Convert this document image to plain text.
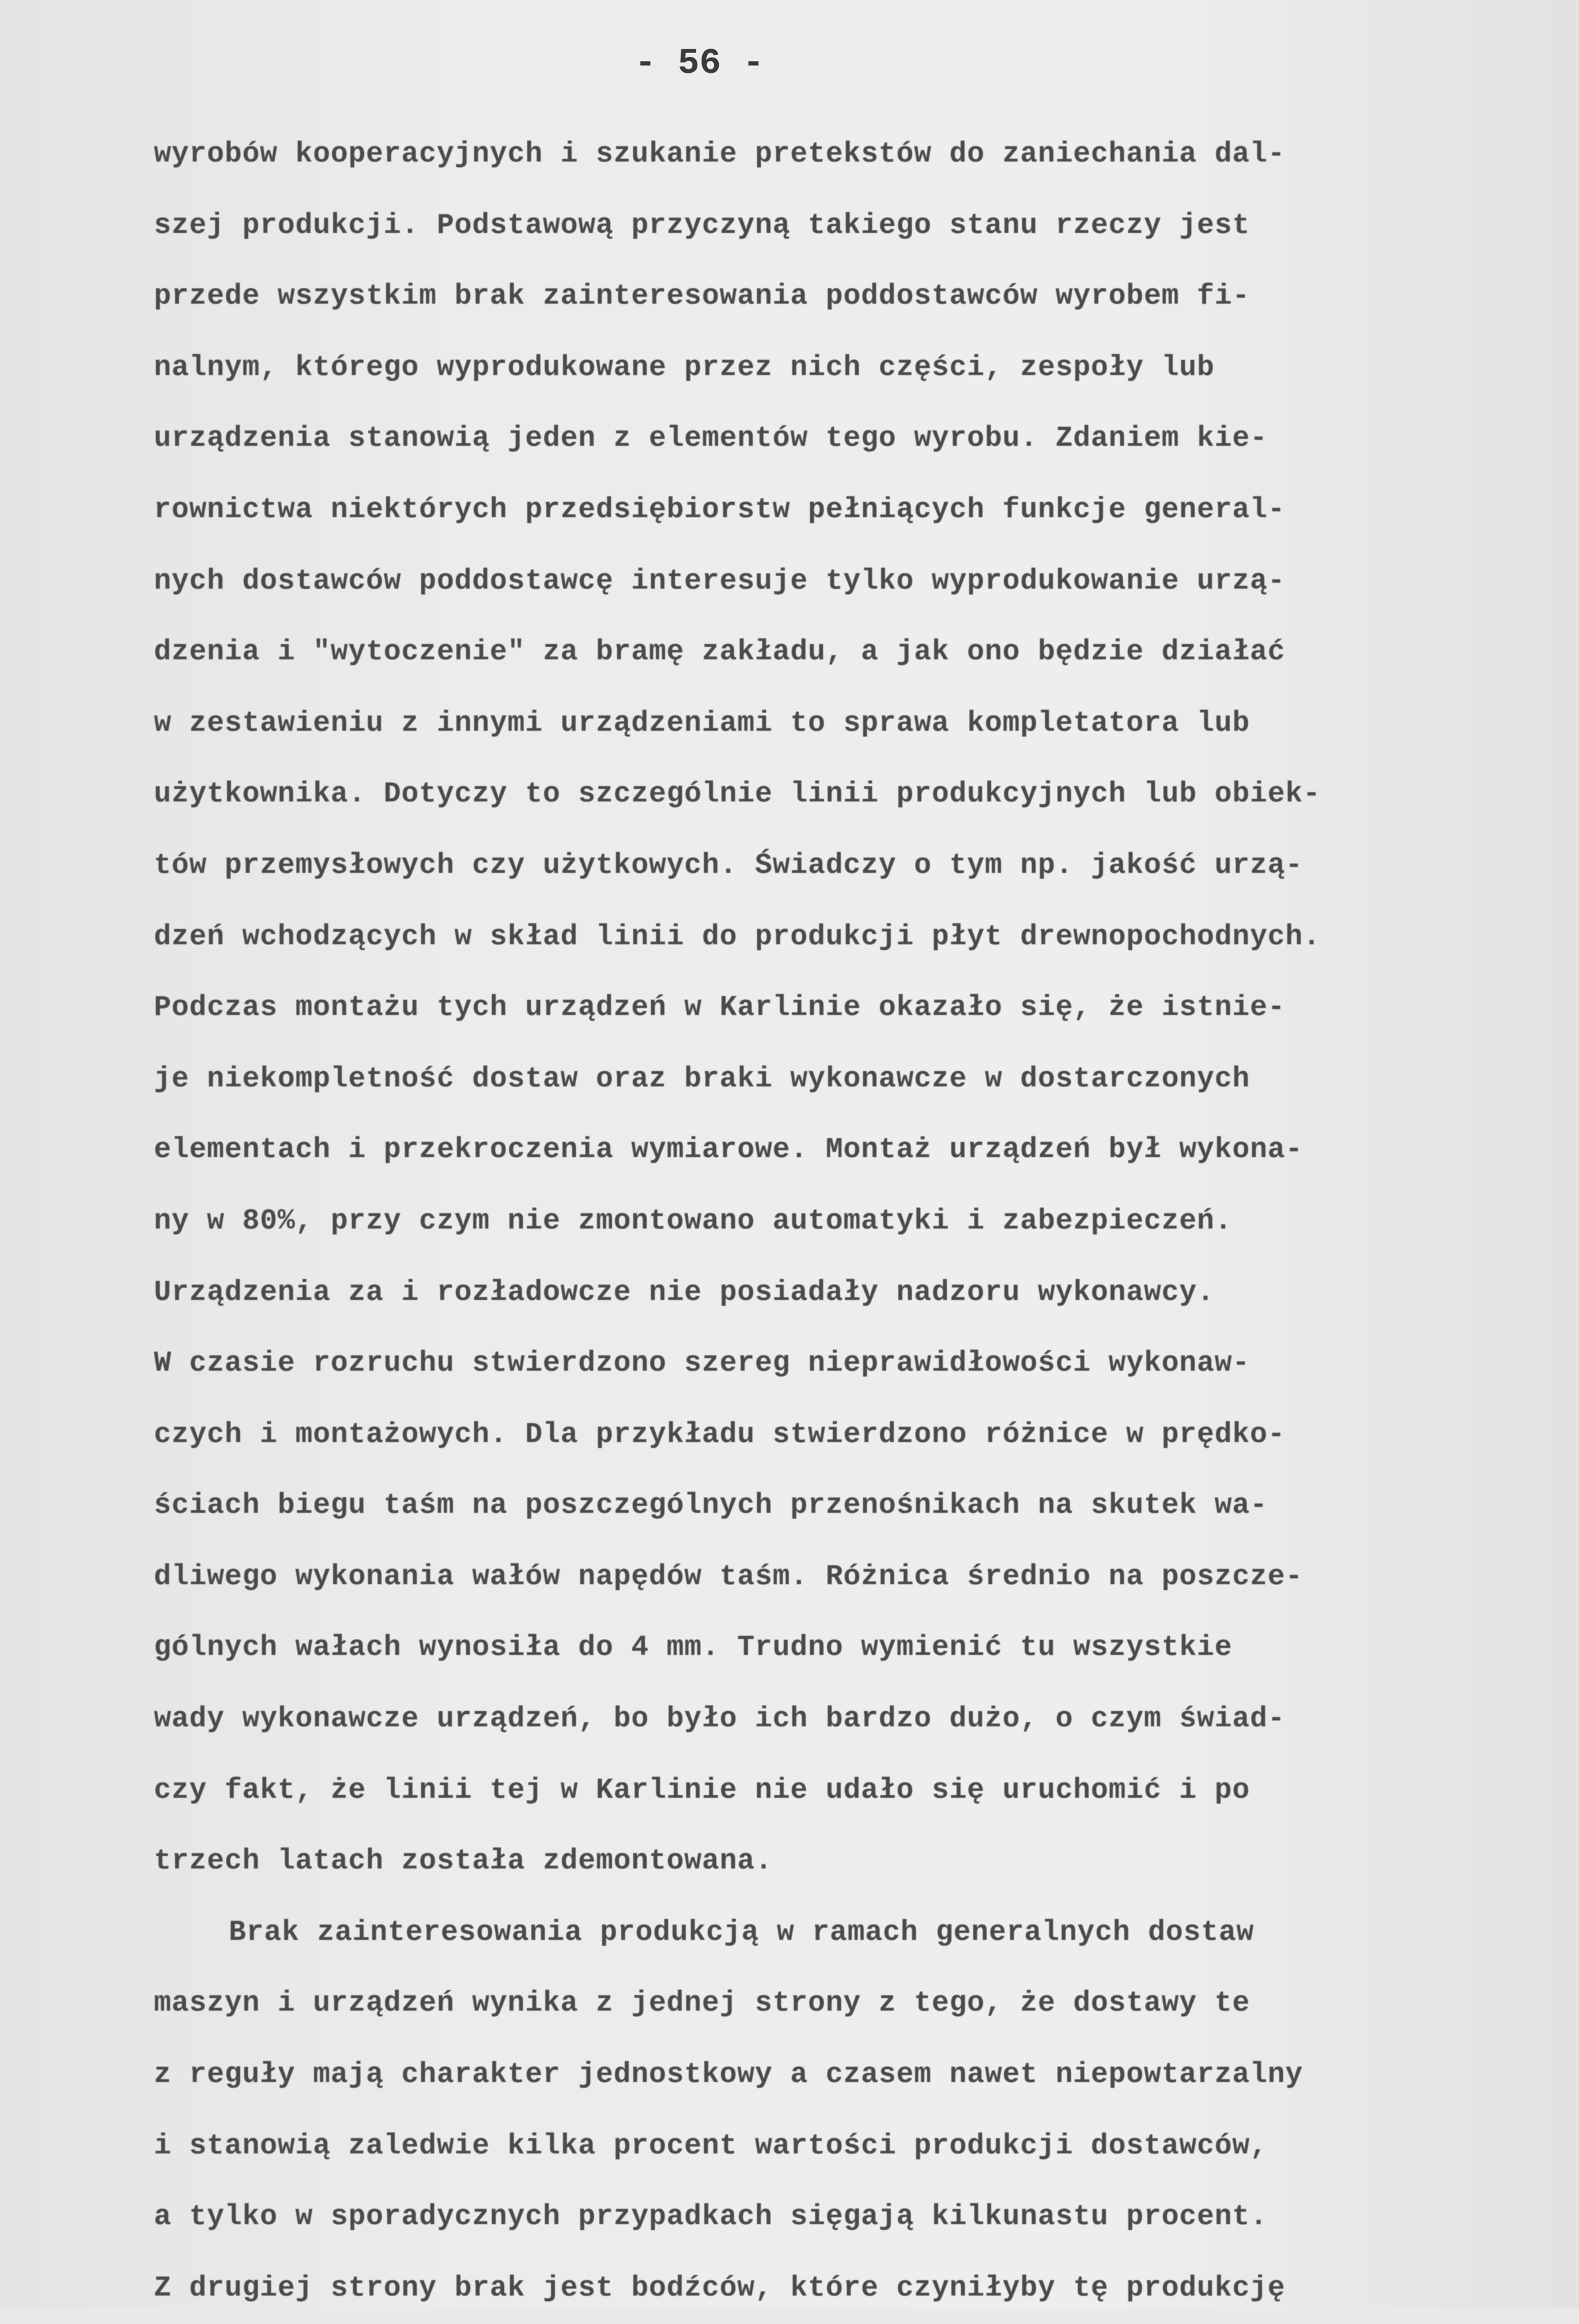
- 56 -
wyrobów kooperacyjnych i szukanie pretekstów do zaniechania dal-
szej produkcji. Podstawową przyczyną takiego stanu rzeczy jest
przede wszystkim brak zainteresowania poddostawców wyrobem fi-
nalnym, którego wyprodukowane przez nich części, zespoły lub
urządzenia stanowią jeden z elementów tego wyrobu. Zdaniem kie-
rownictwa niektórych przedsiębiorstw pełniących funkcje general-
nych dostawców poddostawcę interesuje tylko wyprodukowanie urzą-
dzenia i "wytoczenie" za bramę zakładu, a jak ono będzie działać
w zestawieniu z innymi urządzeniami to sprawa kompletatora lub
użytkownika. Dotyczy to szczególnie linii produkcyjnych lub obiek-
tów przemysłowych czy użytkowych. Świadczy o tym np. jakość urzą-
dzeń wchodzących w skład linii do produkcji płyt drewnopochodnych.
Podczas montażu tych urządzeń w Karlinie okazało się, że istnie-
je niekompletność dostaw oraz braki wykonawcze w dostarczonych
elementach i przekroczenia wymiarowe. Montaż urządzeń był wykona-
ny w 80%, przy czym nie zmontowano automatyki i zabezpieczeń.
Urządzenia za i rozładowcze nie posiadały nadzoru wykonawcy.
W czasie rozruchu stwierdzono szereg nieprawidłowości wykonaw-
czych i montażowych. Dla przykładu stwierdzono różnice w prędko-
ściach biegu taśm na poszczególnych przenośnikach na skutek wa-
dliwego wykonania wałów napędów taśm. Różnica średnio na poszcze-
gólnych wałach wynosiła do 4 mm. Trudno wymienić tu wszystkie
wady wykonawcze urządzeń, bo było ich bardzo dużo, o czym świad-
czy fakt, że linii tej w Karlinie nie udało się uruchomić i po
trzech latach została zdemontowana.
Brak zainteresowania produkcją w ramach generalnych dostaw
maszyn i urządzeń wynika z jednej strony z tego, że dostawy te
z reguły mają charakter jednostkowy a czasem nawet niepowtarzalny
i stanowią zaledwie kilka procent wartości produkcji dostawców,
a tylko w sporadycznych przypadkach sięgają kilkunastu procent.
Z drugiej strony brak jest bodźców, które czyniłyby tę produkcję
